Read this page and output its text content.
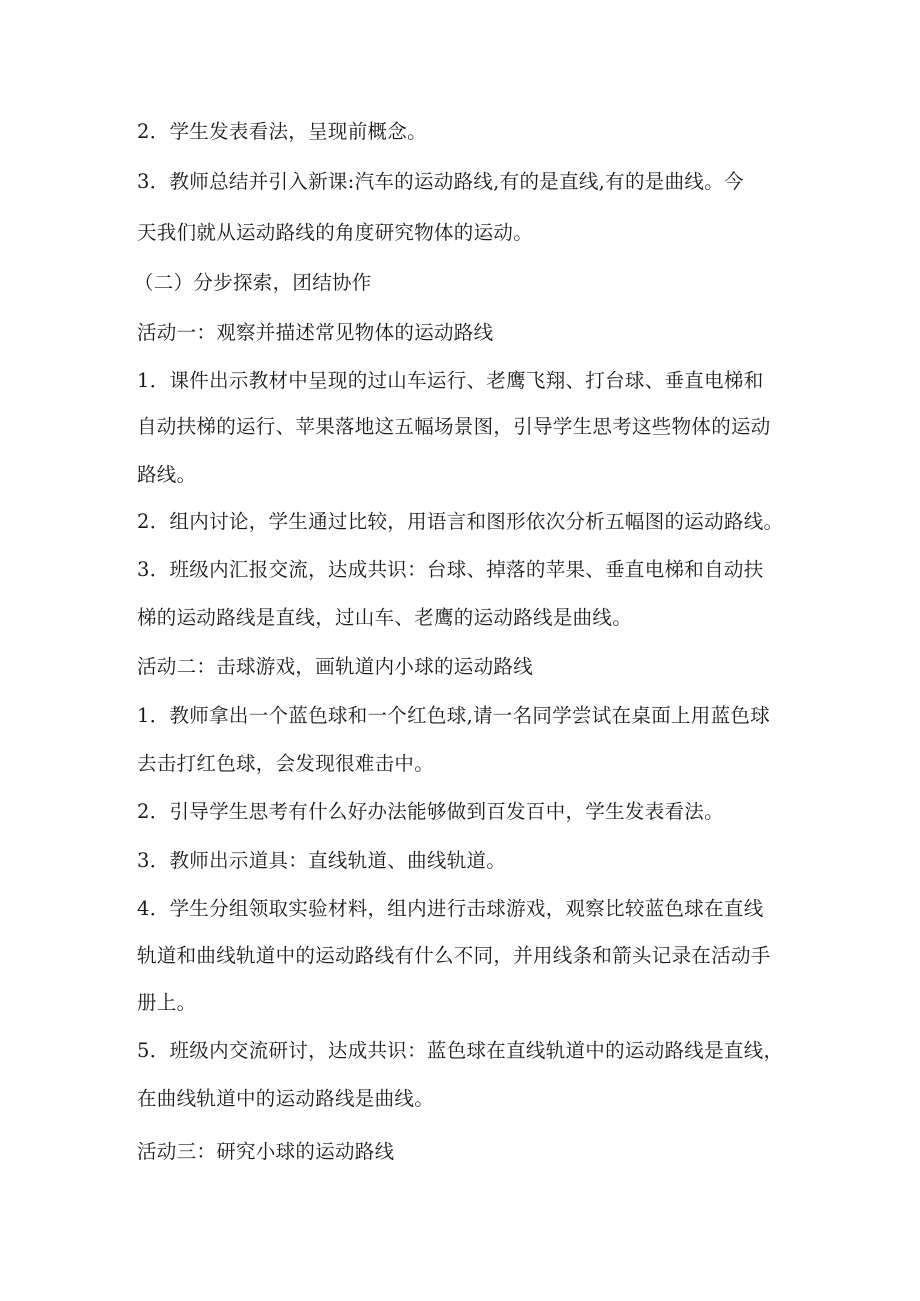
2．学生发表看法，呈现前概念。
3．教师总结并引入新课:汽车的运动路线,有的是直线,有的是曲线。今
天我们就从运动路线的角度研究物体的运动。
（二）分步探索，团结协作
活动一：观察并描述常见物体的运动路线
1．课件出示教材中呈现的过山车运行、老鹰飞翔、打台球、垂直电梯和
自动扶梯的运行、苹果落地这五幅场景图，引导学生思考这些物体的运动
路线。
2．组内讨论，学生通过比较，用语言和图形依次分析五幅图的运动路线。
3．班级内汇报交流，达成共识：台球、掉落的苹果、垂直电梯和自动扶
梯的运动路线是直线，过山车、老鹰的运动路线是曲线。
活动二：击球游戏，画轨道内小球的运动路线
1．教师拿出一个蓝色球和一个红色球,请一名同学尝试在桌面上用蓝色球
去击打红色球，会发现很难击中。
2．引导学生思考有什么好办法能够做到百发百中，学生发表看法。
3．教师出示道具：直线轨道、曲线轨道。
4．学生分组领取实验材料，组内进行击球游戏，观察比较蓝色球在直线
轨道和曲线轨道中的运动路线有什么不同，并用线条和箭头记录在活动手
册上。
5．班级内交流研讨，达成共识：蓝色球在直线轨道中的运动路线是直线，
在曲线轨道中的运动路线是曲线。
活动三：研究小球的运动路线
